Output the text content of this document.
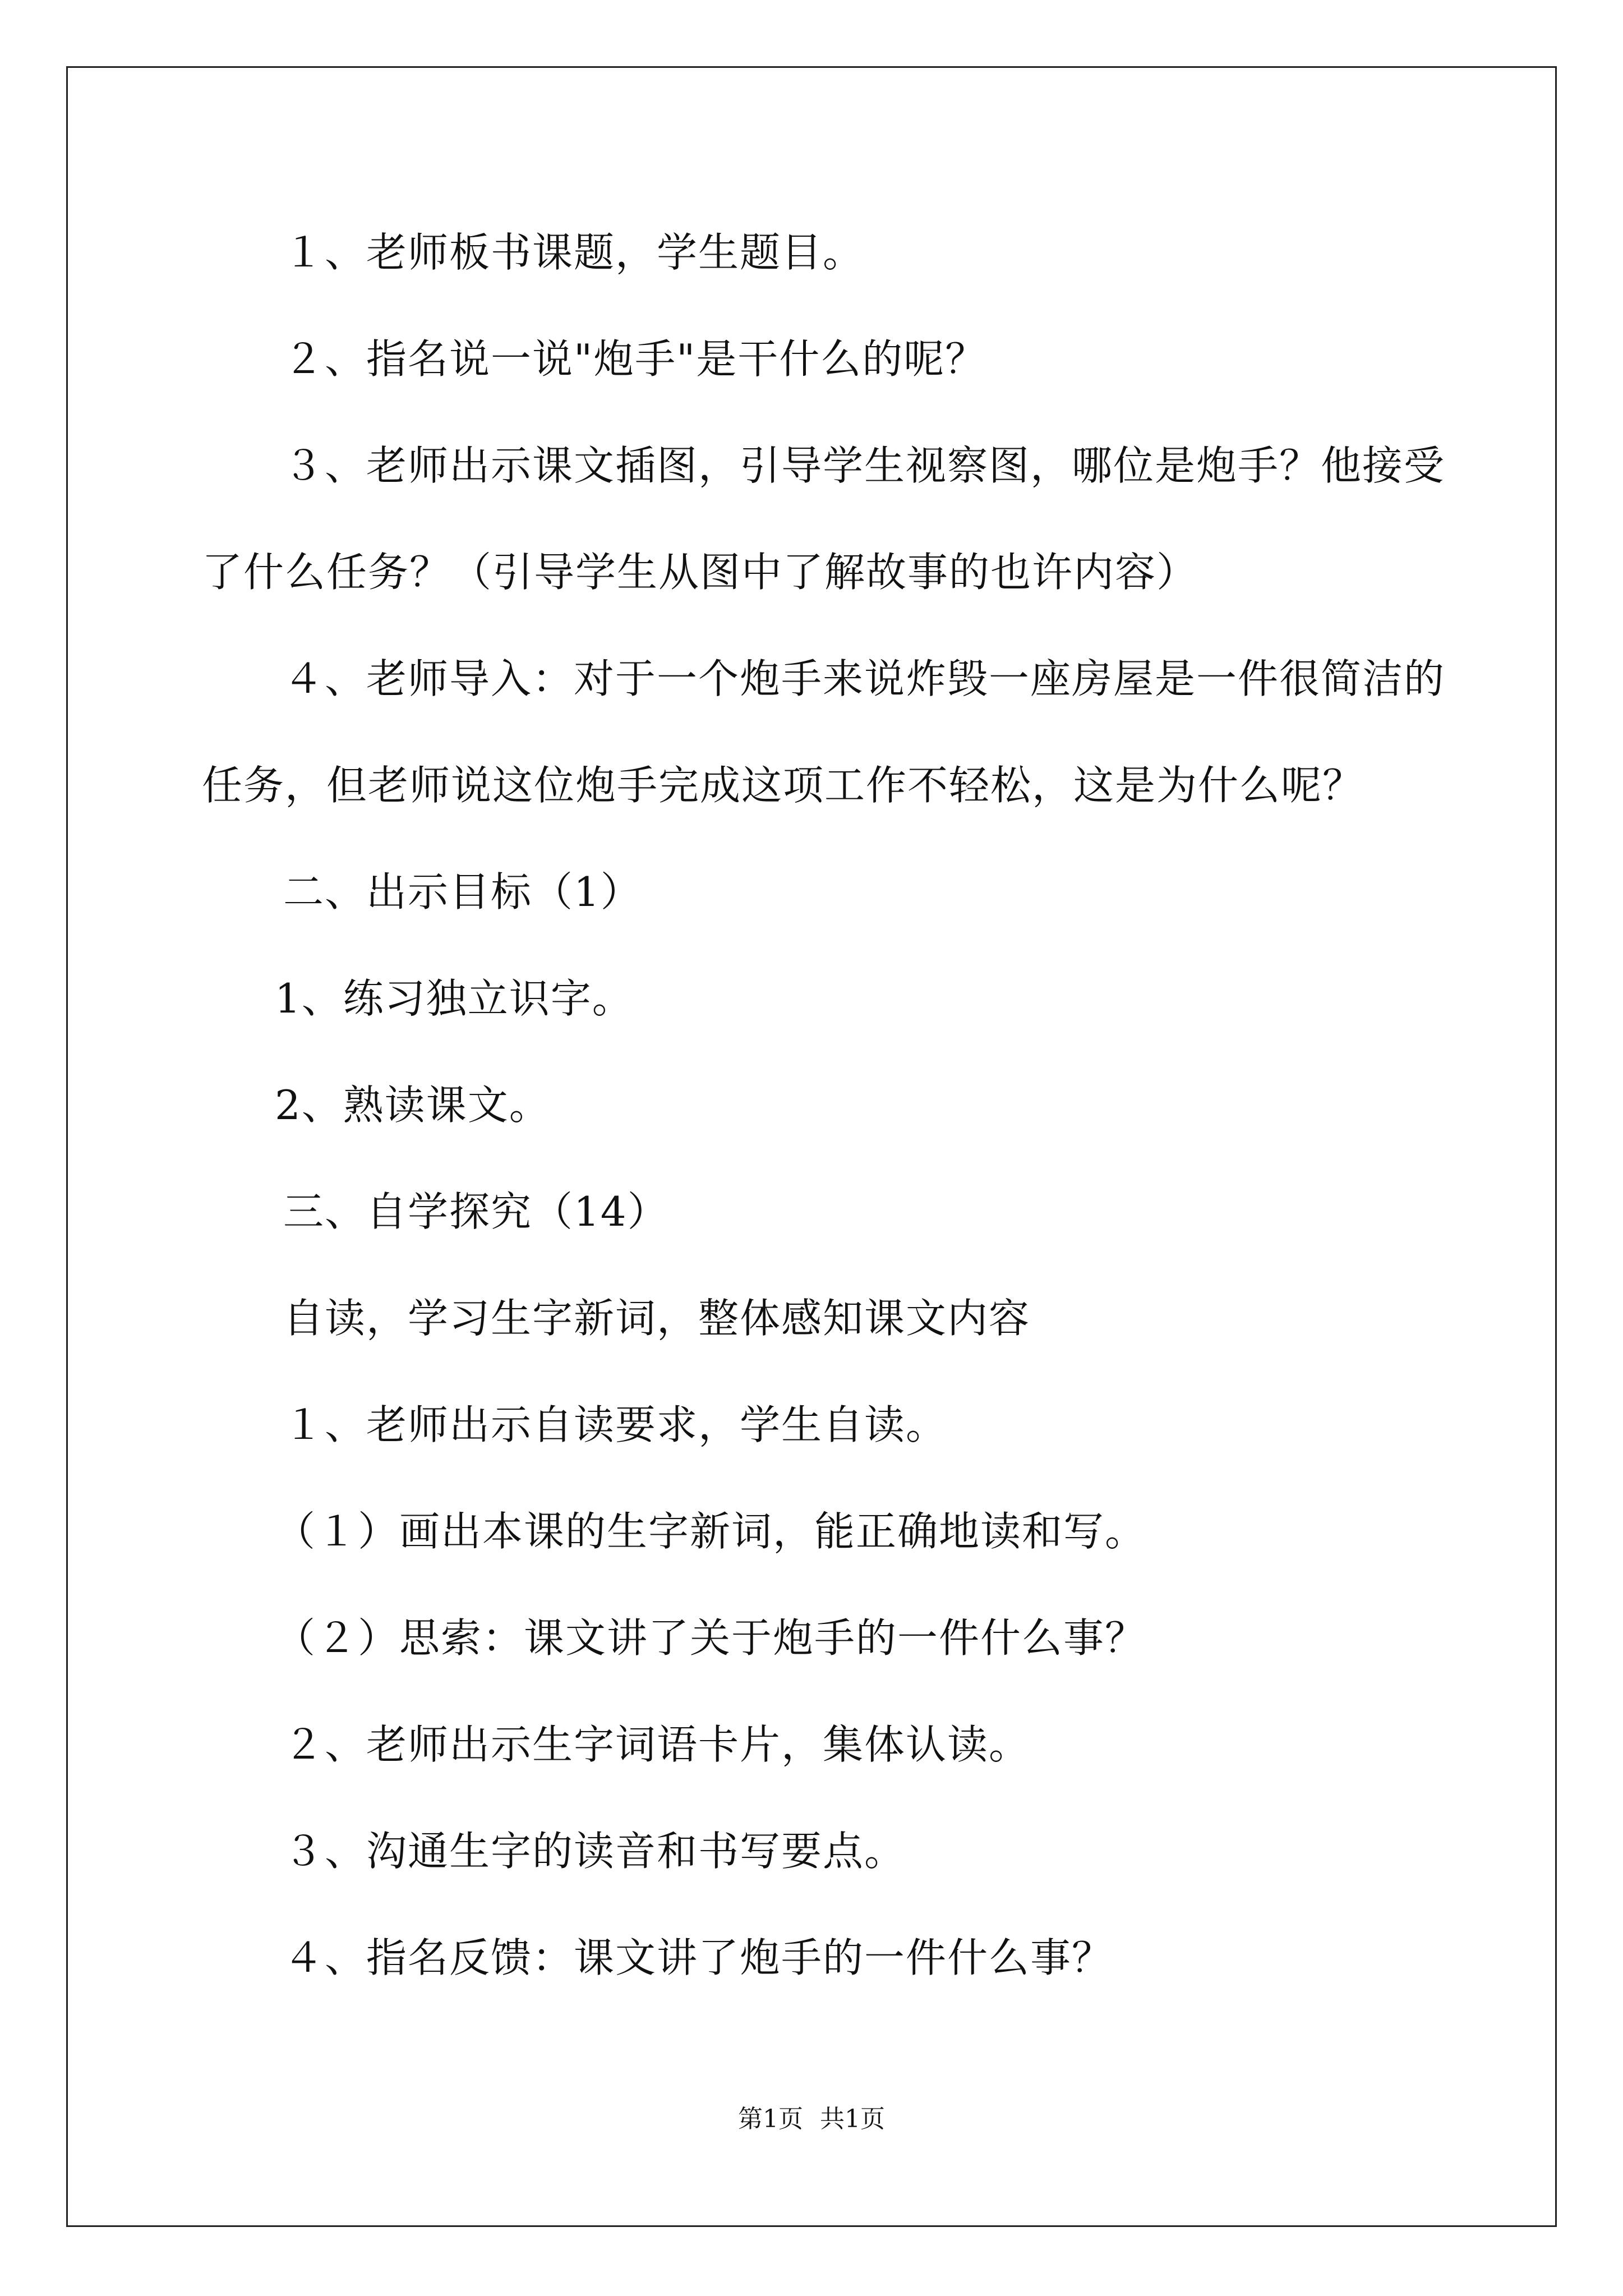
１、老师板书课题，学生题目。
２、指名说一说"炮手"是干什么的呢？
３、老师出示课文插图，引导学生视察图，哪位是炮手？他接受
了什么任务？（引导学生从图中了解故事的也许内容）
４、老师导入：对于一个炮手来说炸毁一座房屋是一件很简洁的
任务，但老师说这位炮手完成这项工作不轻松，这是为什么呢？
二、出示目标（1）
1、练习独立识字。
2、熟读课文。
三、自学探究（14）
自读，学习生字新词，整体感知课文内容
１、老师出示自读要求，学生自读。
（１）画出本课的生字新词，能正确地读和写。
（２）思索：课文讲了关于炮手的一件什么事？
２、老师出示生字词语卡片，集体认读。
３、沟通生字的读音和书写要点。
４、指名反馈：课文讲了炮手的一件什么事？
第1页 共1页
